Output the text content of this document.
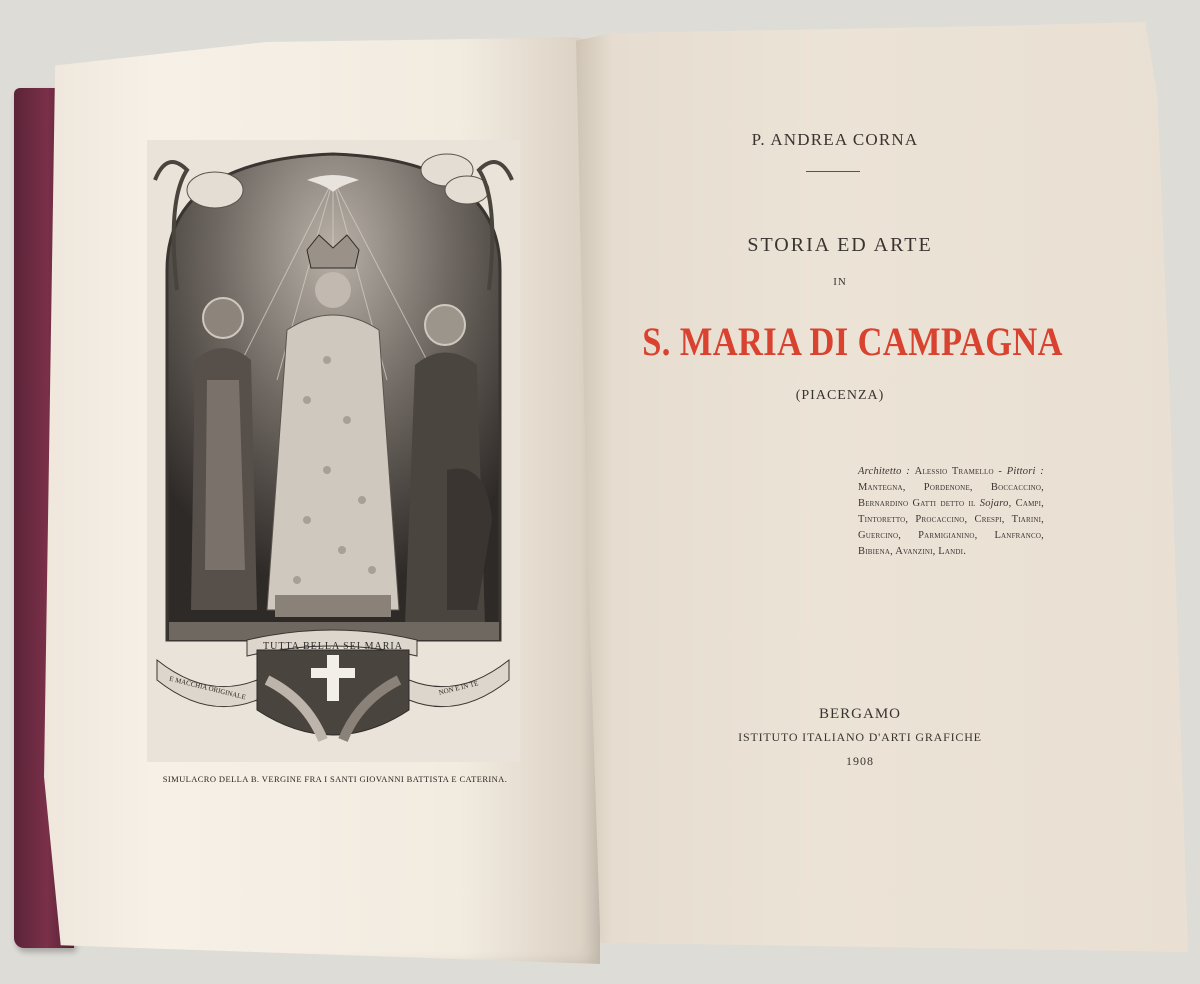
TUTTA BELLA SEI MARIA
E MACCHIA ORIGINALE	NON E IN TE
SIMULACRO DELLA B. VERGINE FRA I SANTI GIOVANNI BATTISTA E CATERINA.
P. ANDREA CORNA
STORIA ED ARTE
IN
S. MARIA DI CAMPAGNA
(PIACENZA)

Architetto : Alessio Tramello - Pittori : Mantegna, Pordenone, Boccaccino, Bernardino Gatti detto il Sojaro, Campi, Tintoretto, Procaccino, Crespi, Tiarini, Guercino, Parmigianino, Lanfranco, Bibiena, Avanzini, Landi.

BERGAMO
ISTITUTO ITALIANO D'ARTI GRAFICHE
1908
